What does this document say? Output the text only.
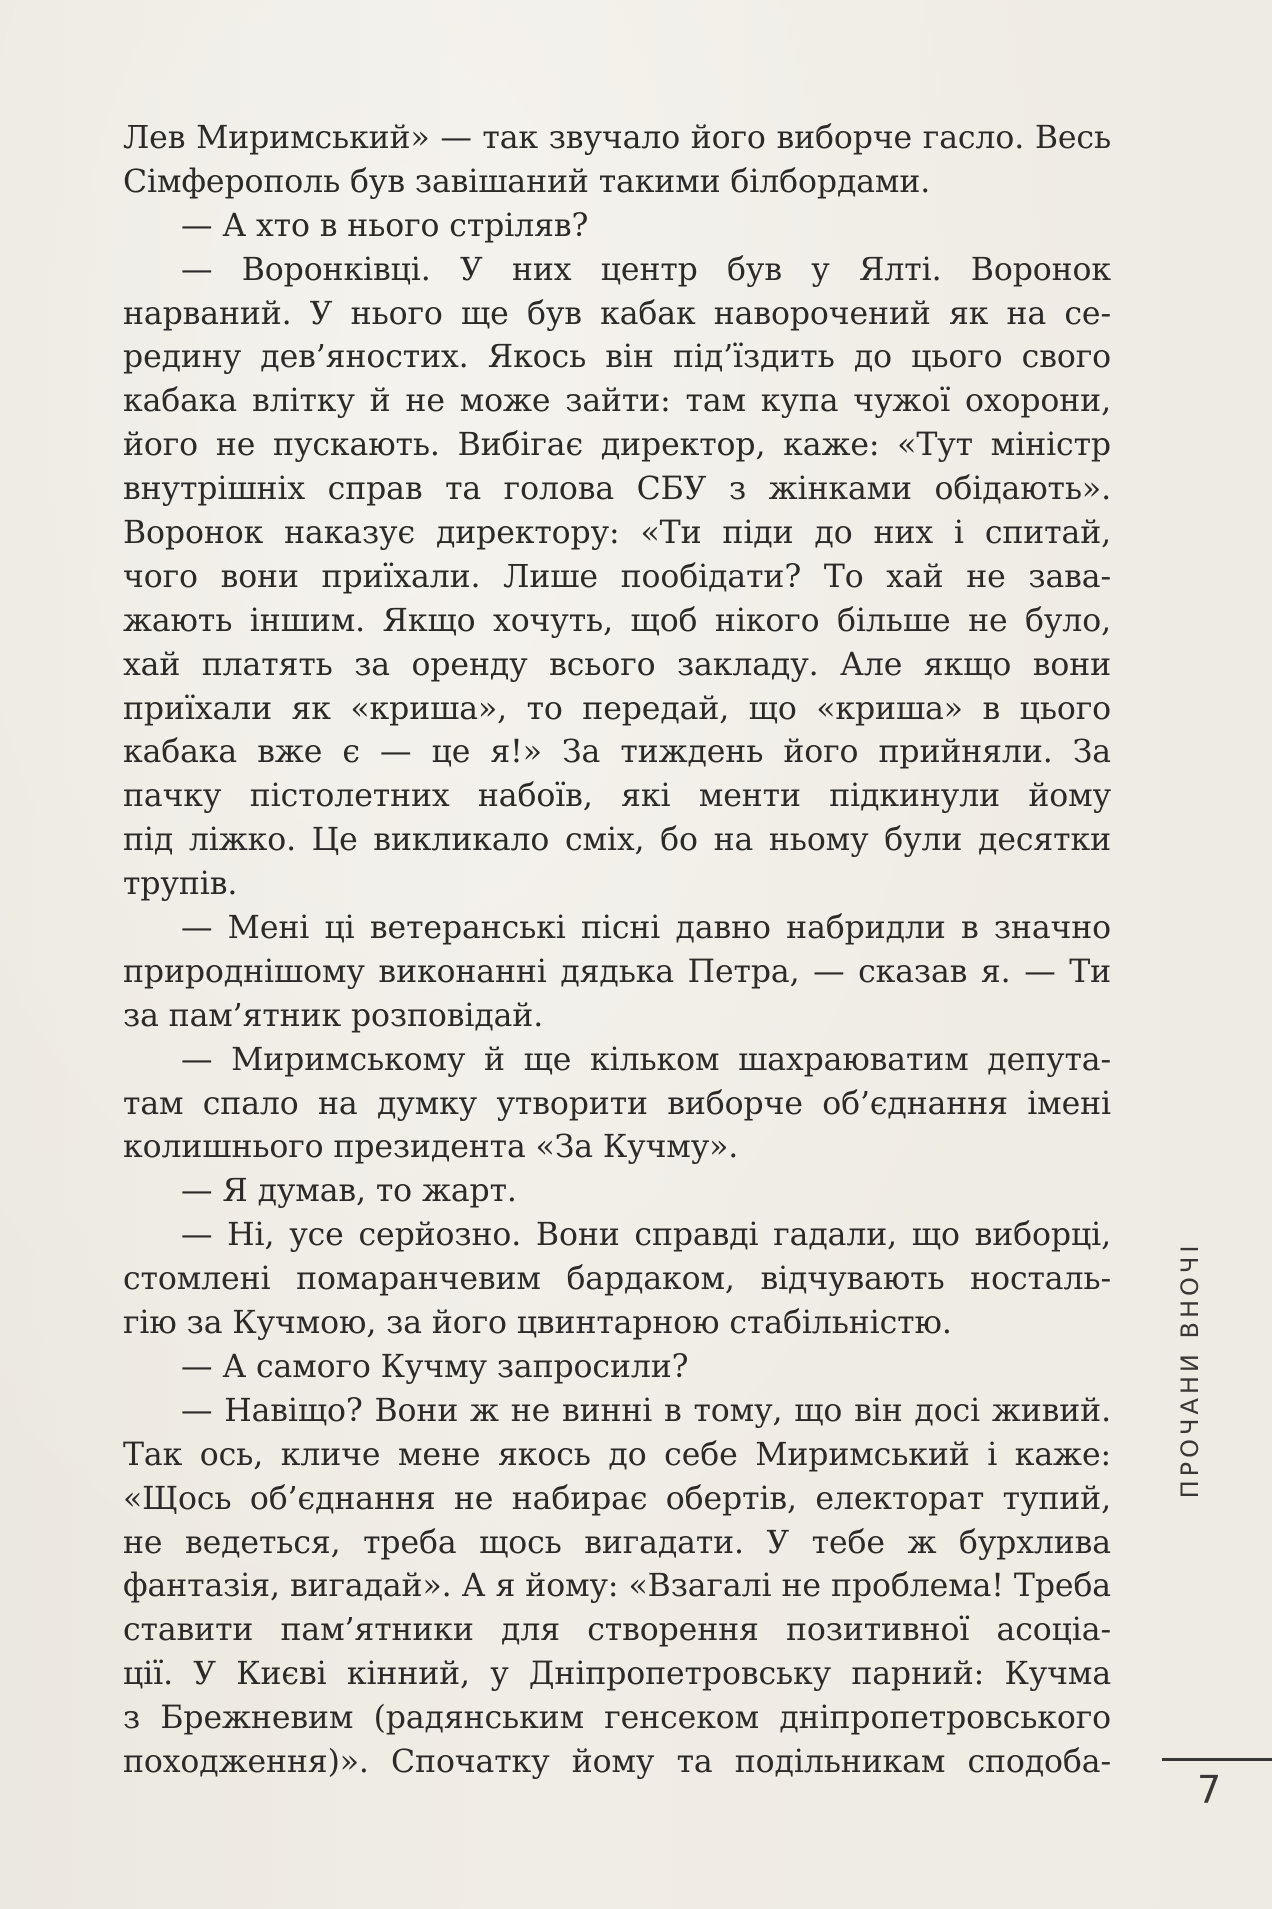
Лев Миримський» — так звучало його виборче гасло. Весь
Сімферополь був завішаний такими білбордами.
— А хто в нього стріляв?
— Воронківці. У них центр був у Ялті. Воронок
нарваний. У нього ще був кабак наворочений як на се-
редину дев’яностих. Якось він під’їздить до цього свого
кабака влітку й не може зайти: там купа чужої охорони,
його не пускають. Вибігає директор, каже: «Тут міністр
внутрішніх справ та голова СБУ з жінками обідають».
Воронок наказує директору: «Ти піди до них і спитай,
чого вони приїхали. Лише пообідати? То хай не зава-
жають іншим. Якщо хочуть, щоб нікого більше не було,
хай платять за оренду всього закладу. Але якщо вони
приїхали як «криша», то передай, що «криша» в цього
кабака вже є — це я!» За тиждень його прийняли. За
пачку пістолетних набоїв, які менти підкинули йому
під ліжко. Це викликало сміх, бо на ньому були десятки
трупів.
— Мені ці ветеранські пісні давно набридли в значно
природнішому виконанні дядька Петра, — сказав я. — Ти
за пам’ятник розповідай.
— Миримському й ще кільком шахраюватим депута-
там спало на думку утворити виборче об’єднання імені
колишнього президента «За Кучму».
— Я думав, то жарт.
— Ні, усе серйозно. Вони справді гадали, що виборці,
стомлені помаранчевим бардаком, відчувають носталь-
гію за Кучмою, за його цвинтарною стабільністю.
— А самого Кучму запросили?
— Навіщо? Вони ж не винні в тому, що він досі живий.
Так ось, кличе мене якось до себе Миримський і каже:
«Щось об’єднання не набирає обертів, електорат тупий,
не ведеться, треба щось вигадати. У тебе ж бурхлива
фантазія, вигадай». А я йому: «Взагалі не проблема! Треба
ставити пам’ятники для створення позитивної асоціа-
ції. У Києві кінний, у Дніпропетровську парний: Кучма
з Брежневим (радянським генсеком дніпропетровського
походження)». Спочатку йому та подільникам сподоба-
ПРОЧАНИ ВНОЧІ
7
